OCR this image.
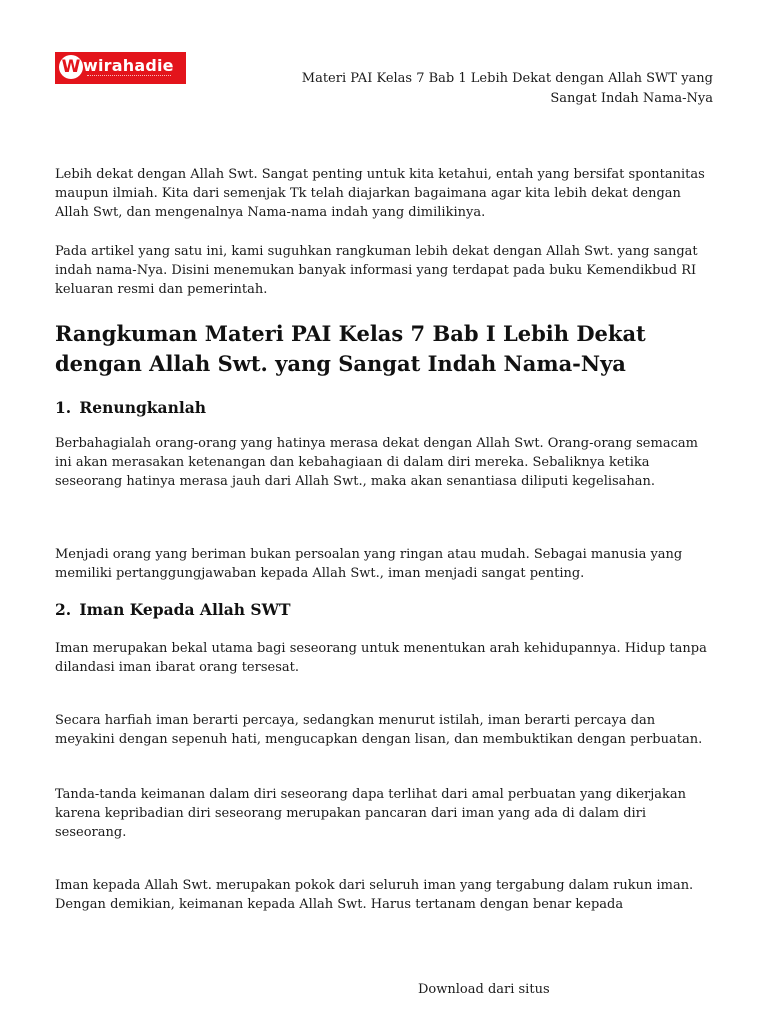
W wirahadie
Materi PAI Kelas 7 Bab 1 Lebih Dekat dengan Allah SWT yang
Sangat Indah Nama-Nya

Lebih dekat dengan Allah Swt. Sangat penting untuk kita ketahui, entah yang bersifat spontanitas maupun ilmiah. Kita dari semenjak Tk telah diajarkan bagaimana agar kita lebih dekat dengan Allah Swt, dan mengenalnya Nama-nama indah yang dimilikinya.

Pada artikel yang satu ini, kami suguhkan rangkuman lebih dekat dengan Allah Swt. yang sangat indah nama-Nya. Disini menemukan banyak informasi yang terdapat pada buku Kemendikbud RI keluaran resmi dan pemerintah.

Rangkuman Materi PAI Kelas 7 Bab I Lebih Dekat dengan Allah Swt. yang Sangat Indah Nama-Nya
1. Renungkanlah

Berbahagialah orang-orang yang hatinya merasa dekat dengan Allah Swt. Orang-orang semacam ini akan merasakan ketenangan dan kebahagiaan di dalam diri mereka. Sebaliknya ketika seseorang hatinya merasa jauh dari Allah Swt., maka akan senantiasa diliputi kegelisahan.

Menjadi orang yang beriman bukan persoalan yang ringan atau mudah. Sebagai manusia yang memiliki pertanggungjawaban kepada Allah Swt., iman menjadi sangat penting.

2. Iman Kepada Allah SWT

Iman merupakan bekal utama bagi seseorang untuk menentukan arah kehidupannya. Hidup tanpa dilandasi iman ibarat orang tersesat.

Secara harfiah iman berarti percaya, sedangkan menurut istilah, iman berarti percaya dan meyakini dengan sepenuh hati, mengucapkan dengan lisan, dan membuktikan dengan perbuatan.

Tanda-tanda keimanan dalam diri seseorang dapa terlihat dari amal perbuatan yang dikerjakan karena kepribadian diri seseorang merupakan pancaran dari iman yang ada di dalam diri seseorang.

Iman kepada Allah Swt. merupakan pokok dari seluruh iman yang tergabung dalam rukun iman. Dengan demikian, keimanan kepada Allah Swt. Harus tertanam dengan benar kepada

Download dari situs
